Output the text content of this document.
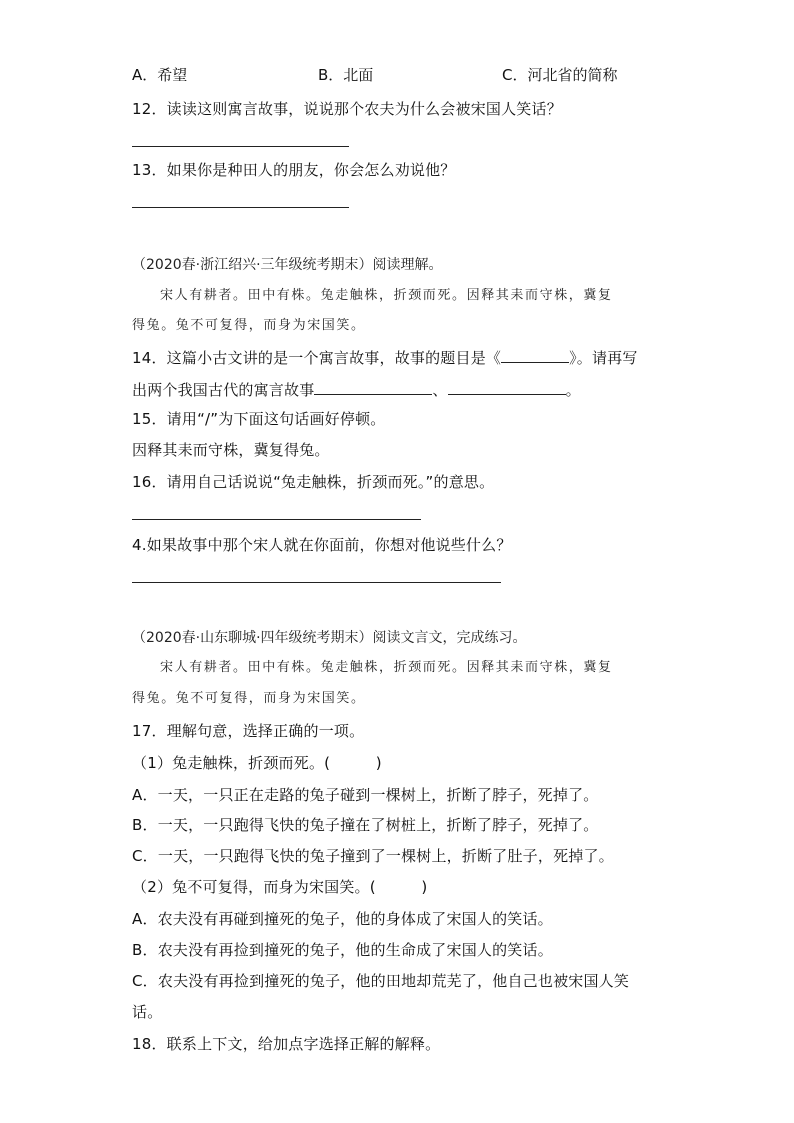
A．希望	B．北面	C．河北省的简称
12．读读这则寓言故事，说说那个农夫为什么会被宋国人笑话？
13．如果你是种田人的朋友，你会怎么劝说他？
（2020春·浙江绍兴·三年级统考期末）阅读理解。
宋人有耕者。田中有株。兔走触株，折颈而死。因释其耒而守株，冀复
得兔。兔不可复得，而身为宋国笑。
14．这篇小古文讲的是一个寓言故事，故事的题目是《	》。请再写
出两个我国古代的寓言故事	、	。
15．请用“/”为下面这句话画好停顿。
因释其耒而守株，冀复得兔。
16．请用自己话说说“兔走触株，折颈而死。”的意思。
4.如果故事中那个宋人就在你面前，你想对他说些什么？
（2020春·山东聊城·四年级统考期末）阅读文言文，完成练习。
宋人有耕者。田中有株。兔走触株，折颈而死。因释其耒而守株，冀复
得兔。兔不可复得，而身为宋国笑。
17．理解句意，选择正确的一项。
（1）兔走触株，折颈而死。(　　　)
A．一天，一只正在走路的兔子碰到一棵树上，折断了脖子，死掉了。
B．一天，一只跑得飞快的兔子撞在了树桩上，折断了脖子，死掉了。
C．一天，一只跑得飞快的兔子撞到了一棵树上，折断了肚子，死掉了。
（2）兔不可复得，而身为宋国笑。(　　　)
A．农夫没有再碰到撞死的兔子，他的身体成了宋国人的笑话。
B．农夫没有再捡到撞死的兔子，他的生命成了宋国人的笑话。
C．农夫没有再捡到撞死的兔子，他的田地却荒芜了，他自己也被宋国人笑
话。
18．联系上下文，给加点字选择正解的解释。
